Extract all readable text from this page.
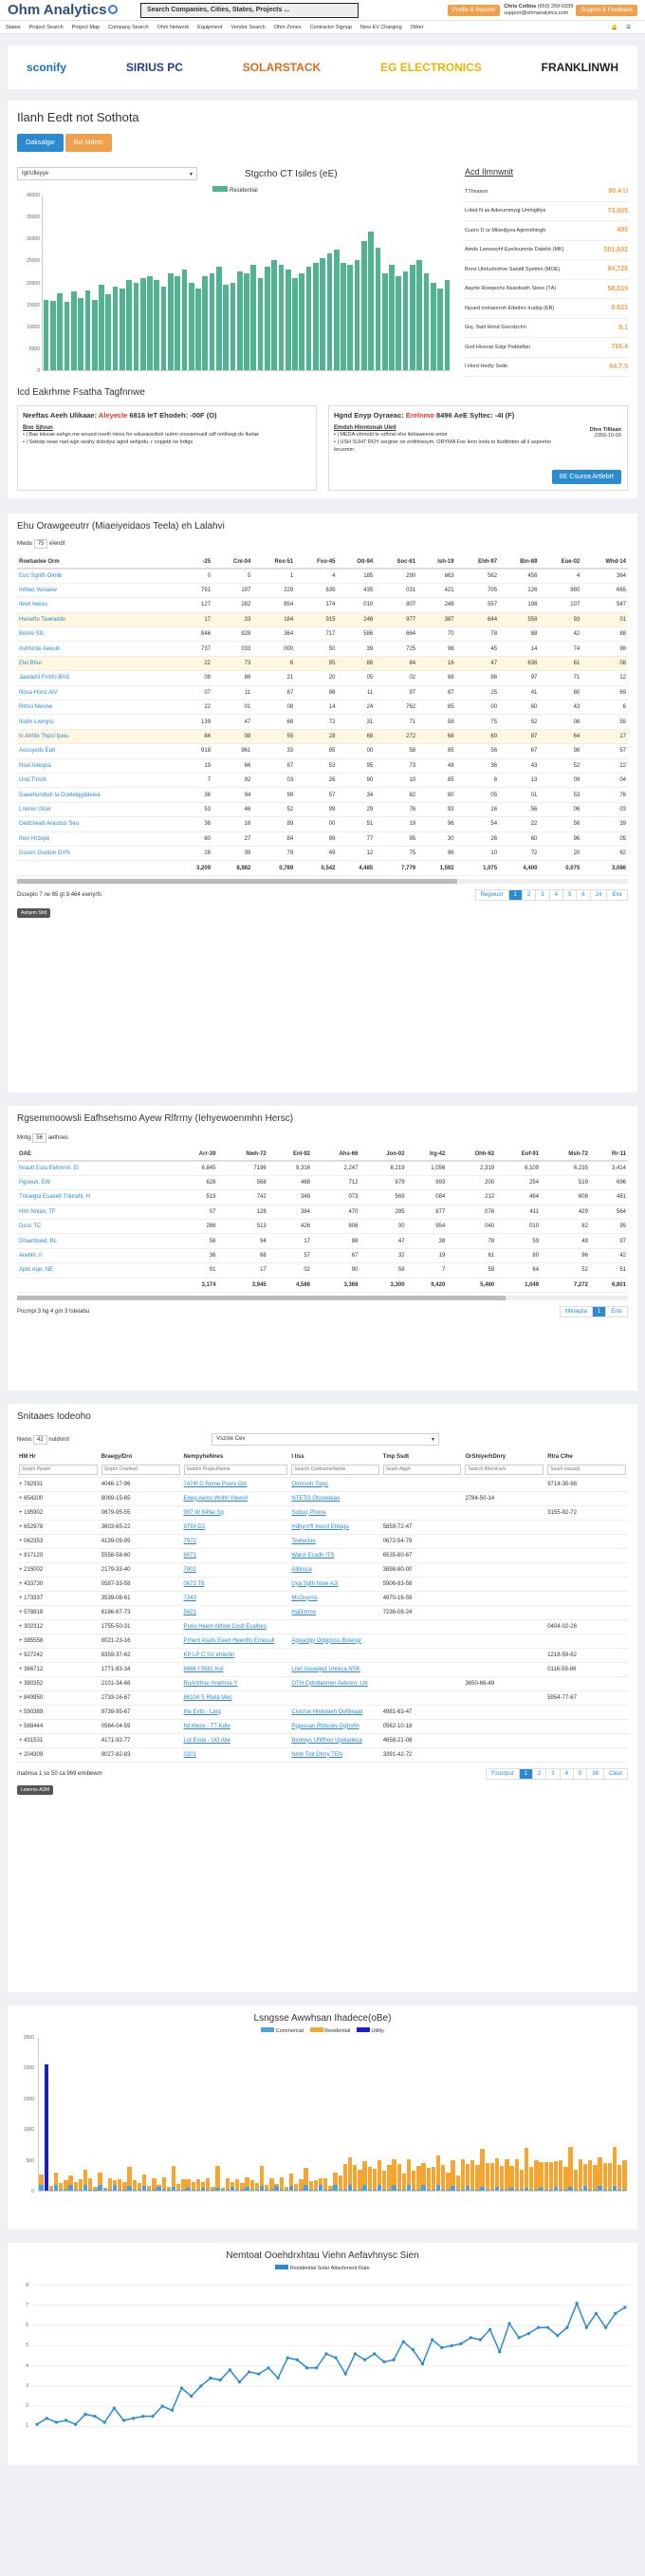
Ohm Analytics	Search Companies, Cities, States, Projects ...	Profile & Reports
Chris Collins (650) 259-0339
support@ohmanalytics.com	Support & Feedback
States Project Search Project Map Company Search Ohm Network Equipment Vendor Search Ohm Zones Contractor Signup New EV Charging Other	🔔 ☰
sconify	SIRIUS PC	SOLARSTACK	EG ELECTRONICS	FRANKLINWH
Ilanh Eedt not Sothota
Oaksalgw	Bvt Mdntc
Igt/Ulleyye	▾	Stgcrho CT Isiles (eE)
Residential
0
5000
10000
15000
20000
25000
30000
35000
40000
Acd Ilmnwnit
TThxasun	80.4.U
Lnbid N as Aderummyqj Umhiglitye	73,005
Cuoro D or Mloedjyva Aginrothingh	490
Amds Lamswyhf Eyeiloumnte Datehk (MK)	501,602
Bnrvi Uhrluohnhve Sandtl Syetmn (MOE)	84,728
Aayrte Roeqechs Nsardsath Siees (ТA)	58,019
Nyued nnmaorroh Etfathro Irudsp (EB)	0.823
Gnj. Swit Hirnd Gorcdzchn	9.1
Gnd Hivevar Edgr Pwbtsftsn	716.4
I Hord Hedty Sede	64.7.5
Icd Eakrhme Fsatha Tagfnnwe
Neeftas Aeeh Ulikaae: Aleyecle 6816 IeT Ehodeh: -00F (O)
Bno Sjtvun
• | Bae lekeae eahgn me wound noeth ntess for edueacedioh uuhm vossiemuelt udf notihwgi.do Ikelae
• | Sebstp oeae nad wgn seahy dcledyui agnd sehjodu. r nopjebt ne lrdtgs
Hgnd Enyp Oyraeac: Erelnmo 8496 AeE Syltec: -4I (F)
Dhre Tilltaan
2350-10-03
Emdsh Hlnntonah Ulell
• | MEDA uhrnobl te udhnsi ehe ilebaweerai antet
• | USH SUHT ROY sergner on enttlmesym. ORYMA Foe lenn loola to ltuditintnn all il aspeeho lerusmm
6E Csurea Artlebrt
Ehu Orawgeeutrr (Miaeiyeidaos Teela) eh Lalahvi
Mwdu 75 elendt
Roetuelee Orm	-25	Cnl-04	Rex-51	Fxo-45	Otl-94	Soc-61	Ish-19	Ehh-97	Bin-89	Eue-02	Whd-14
Eoo Sgnfh Oimib	0	5	1	4	185	290	663	562	456	4	364
Inthao Vuriaew	791	197	229	639	435	031	421	705	126	980	665
Ilewt Iwesu	127	282	854	174	010	807	248	557	198	107	547
Hwsefto Tawraddo	17	33	184	915	246	977	387	644	558	93	01
Bohre Sfc	846	928	364	717	586	664	70	78	88	42	88
Ashfonte Aweuh	737	033	000	50	39	725	98	45	14	74	98
Elei Bhur	22	73	6	95	88	84	16	47	636	61	08
Jawdehl Frrbfo BAS	08	86	21	20	05	02	88	86	97	71	12
Nosa Hsrst AIV	07	11	67	96	11	97	87	25	41	80	69
Rlmci Nwone	22	01	08	14	24	762	85	00	60	43	6
Ilsdm Lwmjnp	139	47	68	72	31	71	58	75	52	08	55
Iv Ahhfe Thpcl Ipeiu	84	08	55	28	68	272	68	60	87	64	17
Aossyeds Eatt	918	961	33	95	00	58	85	56	67	98	57
Nsel Aiteqoa	19	66	87	53	95	73	48	36	43	52	22
Und Tlmoh	7	92	03	26	90	10	85	6	13	09	04
Gaeehundsdi Ia Doeleiqgddeiea	36	94	99	57	34	82	80	05	01	53	76
Lnerwr Ulcel	53	46	52	99	29	76	93	16	56	06	03
Oedcheab Arautsis Seu	38	16	89	00	51	19	96	54	22	56	39
Ihxn Hrzepe	60	27	84	99	77	95	30	26	60	96	05
Gusen Gueton OYN	28	39	79	49	12	75	96	10	72	20	62
	3,209	8,982	0,789	0,542	4,485	7,779	1,592	1,075	4,400	0,075	3,086
Dsseplo 7 ne 65 gt 9,464 ewnyrfs	Regwuor	1	2	3	4	5	6	24	Elnr
Aelqem Shtt
Rgsemmoowsli Eafhsehsmo Ayew Rlfrrny (Iehyewoenmhn Hersc)
Mntig 56 aethoes
OAE	Arr-39	Nwh-72	Enl-92	Ahs-66	Jon-02	Irg-42	Ohh-62	Eof-91	Msh-72	Rr-11
Nrautt Esta Eehmnrl, El	6,845	7196	9,316	2,247	8,219	1,056	2,319	6,109	6,235	3,414
Pgoeuk, EW	628	568	468	712	879	993	200	254	519	696
Tnluegta Esaeeh Tdurahl, H	519	742	348	073	569	084	212	464	608	481
Hlm Nnlan, TF	07	128	384	470	285	877	076	411	429	564
Dsoc TC	286	513	426	806	00	954	040	010	82	95
Dhaehtued, BL	56	94	17	88	47	38	78	59	48	97
Aiwhhl, Ii	36	68	57	67	32	19	61	80	96	42
Apto Aqe, NE	91	17	02	90	58	7	59	64	52	51
	3,174	3,945	4,586	3,368	3,300	9,420	5,460	1,049	7,272	6,801
Pocmpi 3 hg 4 gm 3 tsteiabu	Ntklaqtia	1	Enis
Snitaaes Iodeoho
Nwoo
42
nuldnrot	Vszste Cev	▾
HM Hr	Braegy/Dro	NempyheNnes	I Iiss	Tmp Ssdt	OrShlyerhDnry	Rtra Clhe
Ssrpm Ppaen	Ssrpm Cowlesd	Sea5m ProjectName	Search ContractorName	Searh Apph	Search ft5ervice/s	Searh Issuad)
+ 782931	4046-17-96	7474f D Reme Pserv Om	Omrtsnh Tsrpc			9714-30-98
+ 654200	8069-15-65	Edeg Aems Wohll Ylewvil	NTETO Otusteleao		2784-50-14	
+ 195902	0679-95-55	997 W 84Ne Sg	Sohuq Phone			3155-92-72
+ 652978	3603-65-22	9759 D2	Hdhyrrrft Irevol Ehtegu	5859-72-47		
+ 062353	4139-09-95	7972	Teeteckie	0672-54-79		
+ 817120	5558-58-60	8071	Warst Ecadh ITS	6535-60-67		
+ 215002	2179-33-40	7902	Alltinsra	3898-80-00		
+ 433730	0587-33-58	0673 T6	Uya Spth Ilove AJI	5906-83-58		
+ 173337	3539-08-61	7343	McGuyrris	4970-16-59		
+ 578818	6186-67-73	5621	HaDirrmo	7236-08-24		
+ 302312	1755-50-31	Porio Heem Nthee Cssll Esalheo				0404-02-26
+ 385558	8021-23-16	Prhent Asefs Eeert Heenftn Emesull	Agwadgy Odpipsss Bioengr			
+ 927242	8359-37-62	KP LP C SV ehtedin				1218-59-62
+ 366712	1771-83-34	6866 I 5581 Kol	Lriel Uuswipst Unreca NSK			0116-59-86
+ 380352	2101-34-68	RuArtrhse Hnehrse Y	OTH Cyhdtanmer Aeleom. Lht		3650-66-49	
+ 849950	2733-16-67	86104 S Rtela Mec				5954-77-67
+ 590389	9739-95-67	Ihe Evtb - Larg	Croctse Hmlelaeh Oefilmaat	4981-63-47		
+ 588444	0564-04-59	Itd Mese - TT Kdte	Pgjasuan Rbtsoev Oghsfm	0562-10-18		
+ 431531	4171-92-77	Lot Evda - UO Alle	Benteys Ufitfhoo Upoladeca	4658-21-08		
+ 204309	9027-82-83	0201	Nmh Tlot Dtirry TEN	3391-42-72		
Inabnsa 1 so 50 ca 969 emibewm	Fzuntput	1	2	3	4	5	38	Cleut
Lelerme ADM
Lsngsse Awwhsan Ihadece(oBe)
Commercial	Residential	Utility
0
500
1000
1500
2000
2500
Nemtoat Ooehdrxhtau Viehn Aefavhnysc Sien
Residential Solar Attachment Rate
1
2
3
4
5
6
7
8
